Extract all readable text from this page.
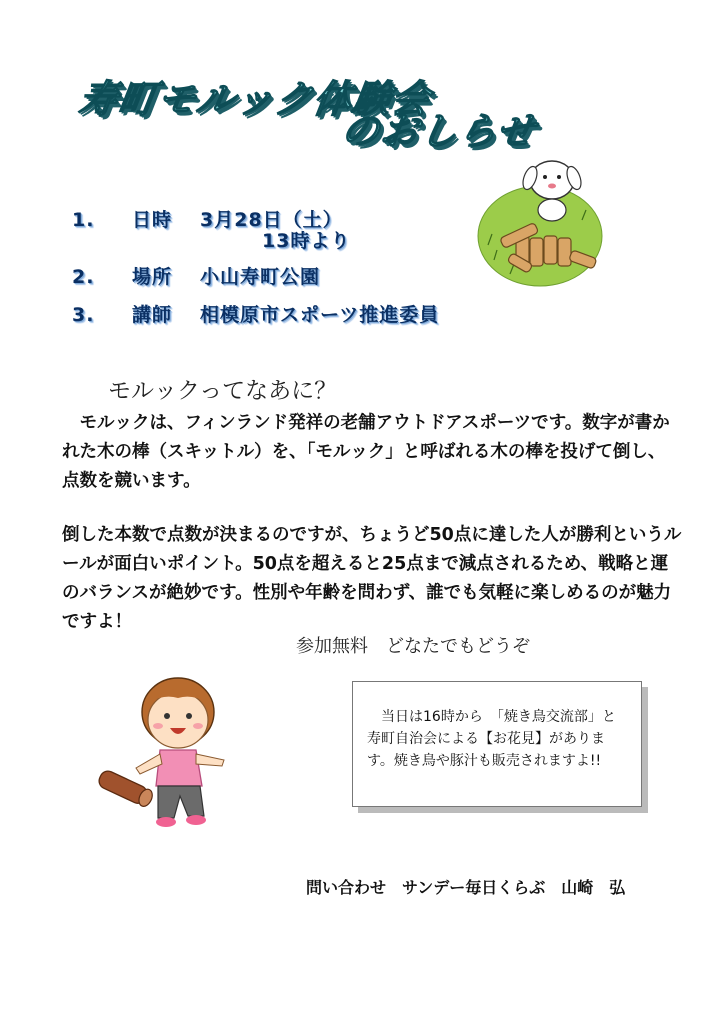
寿町モルック体験会
のおしらせ
1. 日時 3月28日（土）
13時より
2. 場所 小山寿町公園
3. 講師 相模原市スポーツ推進委員
モルックってなあに？
　モルックは、フィンランド発祥の老舗アウトドアスポーツです。数字が書かれた木の棒（スキットル）を、「モルック」と呼ばれる木の棒を投げて倒し、点数を競います。
倒した本数で点数が決まるのですが、ちょうど50点に達した人が勝利というルールが面白いポイント。50点を超えると25点まで減点されるため、戦略と運のバランスが絶妙です。性別や年齢を問わず、誰でも気軽に楽しめるのが魅力ですよ！
参加無料　どなたでもどうぞ

当日は16時から　「焼き鳥交流部」と寿町自治会による【お花見】があります。焼き鳥や豚汁も販売されますよ!!

問い合わせ　サンデー毎日くらぶ　山崎　弘
